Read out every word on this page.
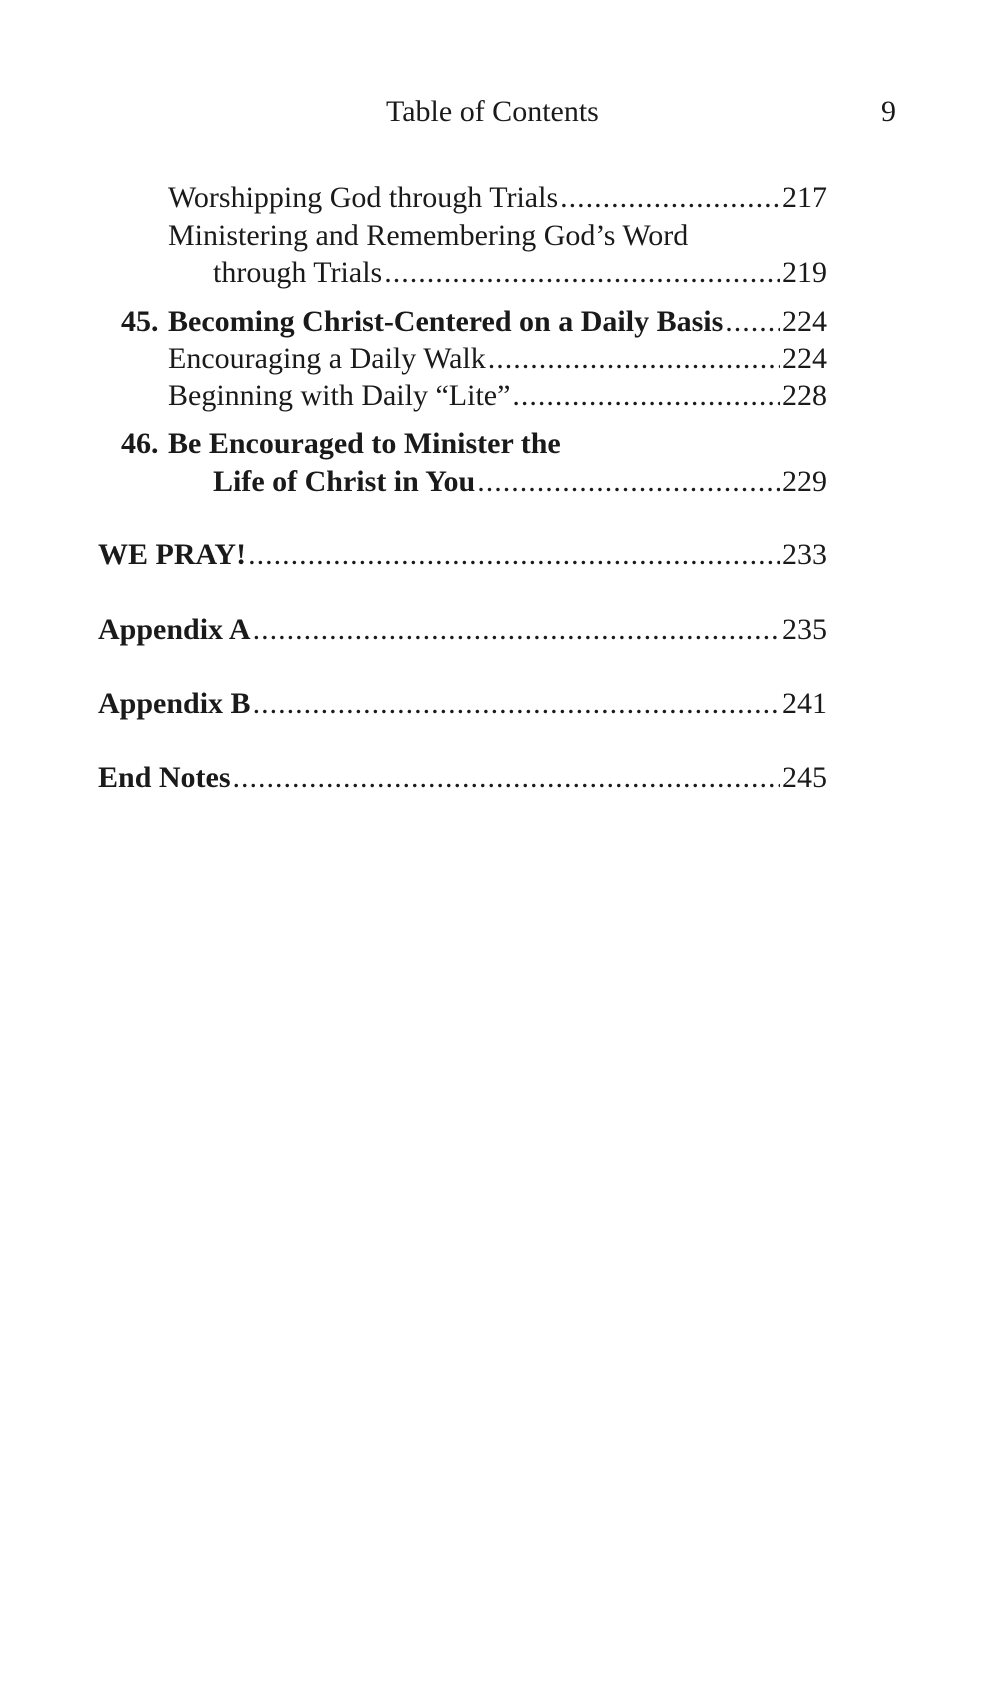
Table of Contents	9
Worshipping God through Trials .....	217
Ministering and Remembering God’s Word
through Trials .....	219
45. Becoming Christ-Centered on a Daily Basis ..... 224
Encouraging a Daily Walk .....	224
Beginning with Daily “Lite” .....	228
46. Be Encouraged to Minister the
Life of Christ in You .....	229
WE PRAY! .....	233
Appendix A .....	235
Appendix B .....	241
End Notes .....	245
